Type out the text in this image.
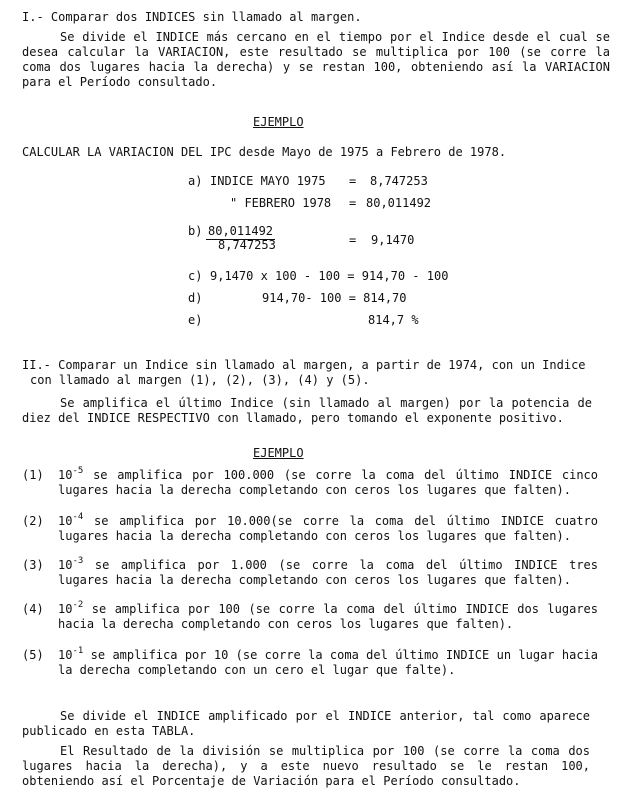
I.- Comparar dos INDICES sin llamado al margen.

Se divide el INDICE más cercano en el tiempo por el Indice desde el cual se desea calcular la VARIACION, este resultado se multiplica por 100 (se corre la coma dos lugares hacia la derecha) y se restan 100, obteniendo así la VARIACION para el Período consultado.

EJEMPLO
CALCULAR LA VARIACION DEL IPC desde Mayo de 1975 a Febrero de 1978.
a) INDICE MAYO 1975 = 8,747253
" FEBRERO 1978 = 80,011492
b) 80,011492
8,747253	= 9,1470
c) 9,1470 x 100 - 100 = 914,70 - 100
d)	914,70- 100 = 814,70
e)	814,7 %
II.- Comparar un Indice sin llamado al margen, a partir de 1974, con un Indice
con llamado al margen (1), (2), (3), (4) y (5).

Se amplifica el último Indice (sin llamado al margen) por la potencia de diez del INDICE RESPECTIVO con llamado, pero tomando el exponente positivo.

EJEMPLO
(1) $10^{-5}$ se amplifica por 100.000 (se corre la coma del último INDICE cinco lugares hacia la derecha completando con ceros los lugares que falten).
(2) $10^{-4}$ se amplifica por 10.000(se corre la coma del último INDICE cuatro lugares hacia la derecha completando con ceros los lugares que falten).
(3) $10^{-3}$ se amplifica por 1.000 (se corre la coma del último INDICE tres lugares hacia la derecha completando con ceros los lugares que falten).
(4) $10^{-2}$ se amplifica por 100 (se corre la coma del último INDICE dos lugares hacia la derecha completando con ceros los lugares que falten).
(5) $10^{-1}$ se amplifica por 10 (se corre la coma del último INDICE un lugar hacia la derecha completando con un cero el lugar que falte).

Se divide el INDICE amplificado por el INDICE anterior, tal como aparece publicado en esta TABLA.

El Resultado de la división se multiplica por 100 (se corre la coma dos lugares hacia la derecha), y a este nuevo resultado se le restan 100, obteniendo así el Porcentaje de Variación para el Período consultado.
